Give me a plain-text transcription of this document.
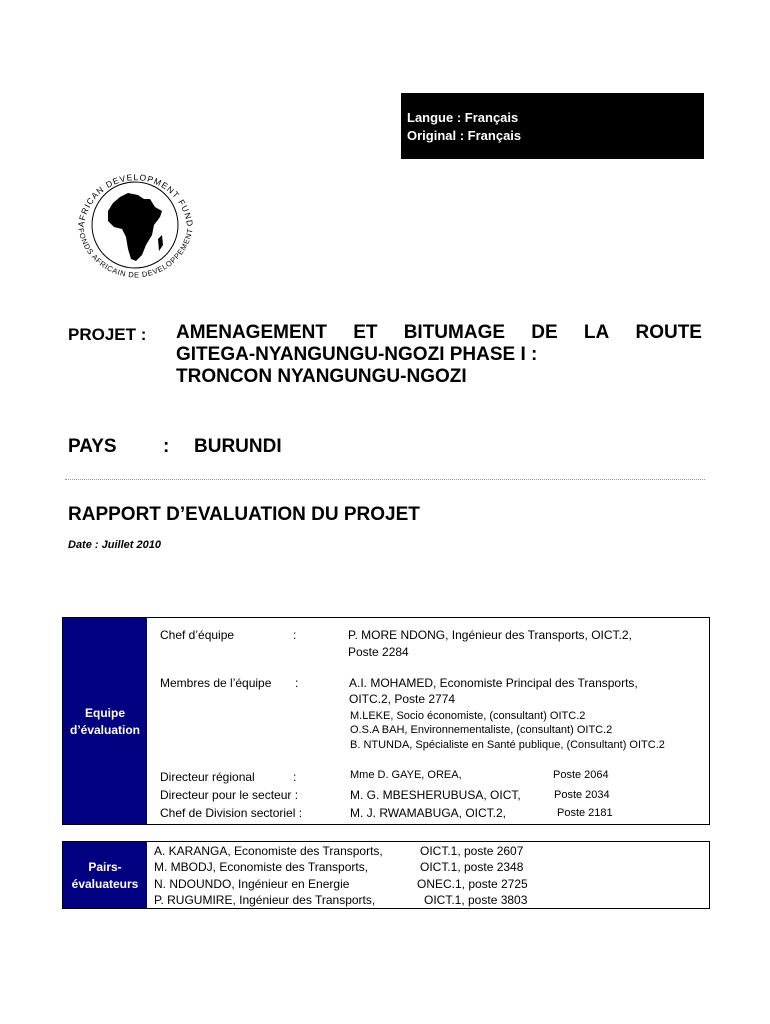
Langue : Français
Original : Français
AFRICAN DEVELOPMENT FUND
FONDS AFRICAIN DE DEVELOPPEMENT
PROJET : AMENAGEMENT ET BITUMAGE DE LA ROUTE
GITEGA-NYANGUNGU-NGOZI PHASE I :
TRONCON NYANGUNGU-NGOZI
PAYS : BURUNDI
RAPPORT D’EVALUATION DU PROJET
Date : Juillet 2010
Equipe
d’évaluation
Chef d’équipe	:	P. MORE NDONG, Ingénieur des Transports, OICT.2,
Poste 2284
Membres de l’équipe :	A.I. MOHAMED, Economiste Principal des Transports,
OITC.2, Poste 2774
M.LEKE, Socio économiste, (consultant) OITC.2
O.S.A BAH, Environnementaliste, (consultant) OITC.2
B. NTUNDA, Spécialiste en Santé publique, (Consultant) OITC.2
Directeur régional	:	Mme D. GAYE, OREA,	Poste 2064
Directeur pour le secteur :	M. G. MBESHERUBUSA, OICT,	Poste 2034
Chef de Division sectoriel :	M. J. RWAMABUGA, OICT.2,	Poste 2181
Pairs-
évaluateurs
A. KARANGA, Economiste des Transports,	OICT.1, poste 2607
M. MBODJ, Economiste des Transports,	OICT.1, poste 2348
N. NDOUNDO, Ingénieur en Energie	ONEC.1, poste 2725
P. RUGUMIRE, Ingénieur des Transports,	OICT.1, poste 3803
